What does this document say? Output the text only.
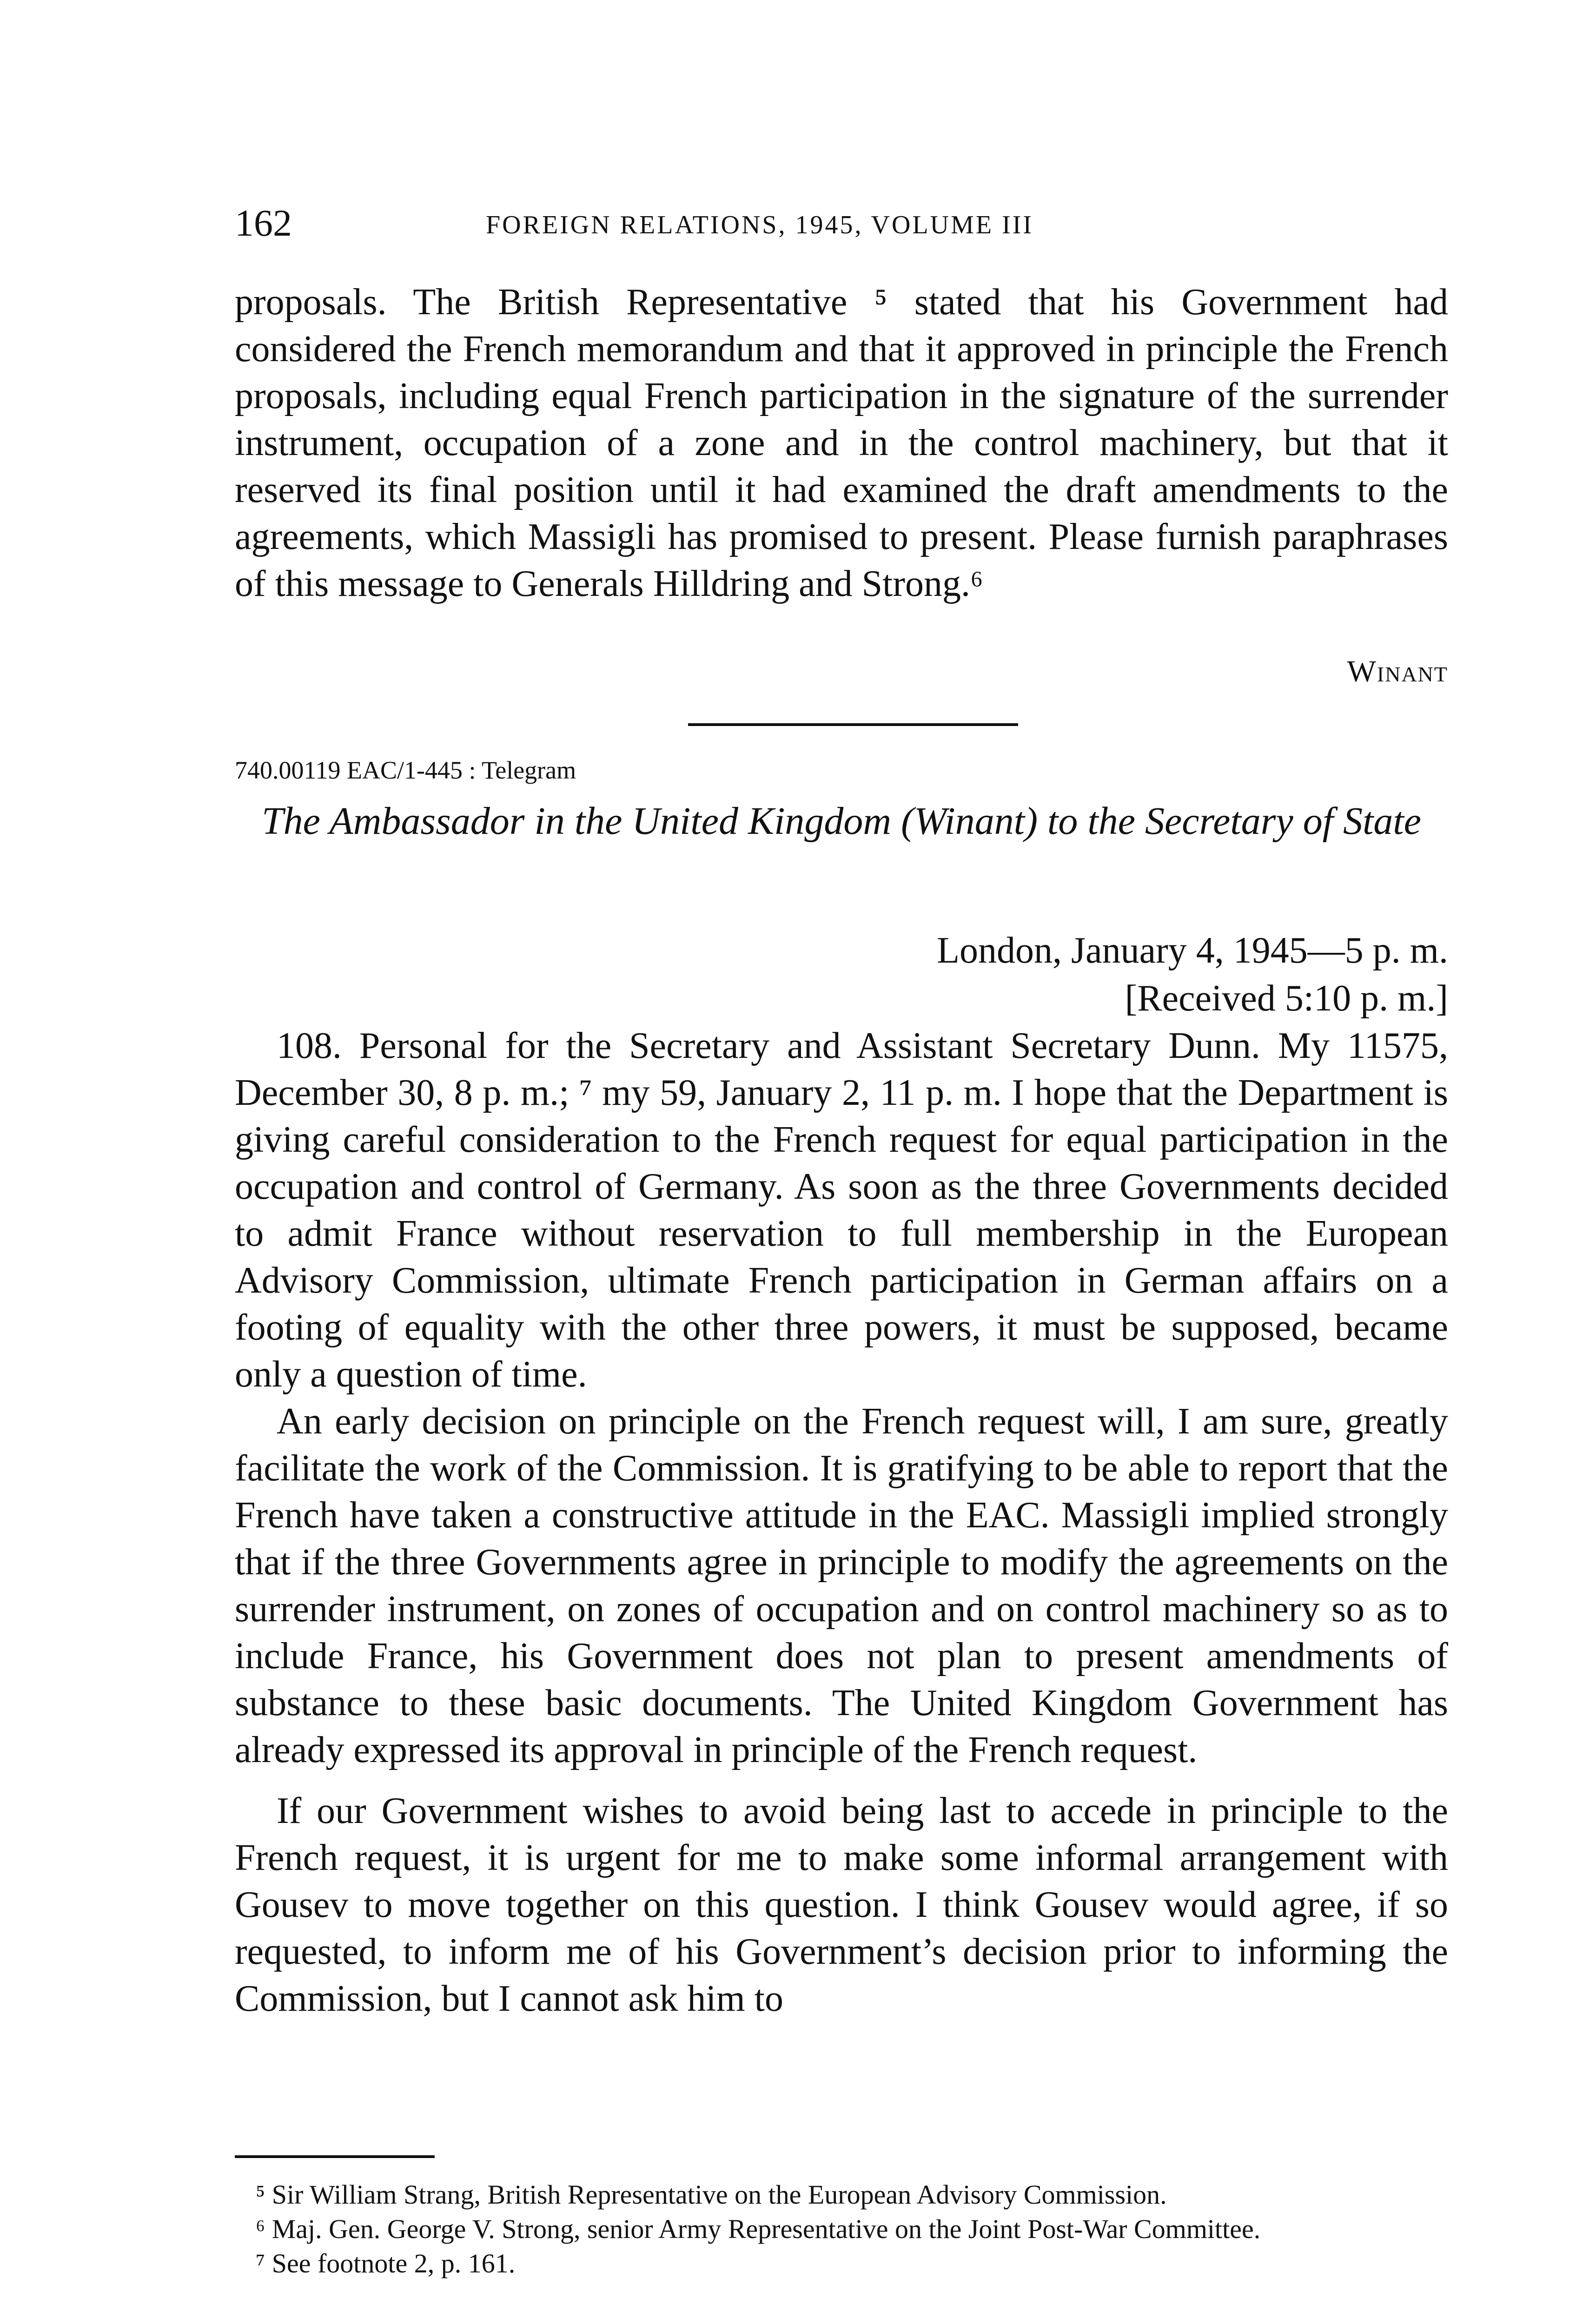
162	FOREIGN RELATIONS, 1945, VOLUME III

proposals. The British Representative ⁵ stated that his Government had considered the French memorandum and that it approved in principle the French proposals, including equal French participation in the signature of the surrender instrument, occupation of a zone and in the control machinery, but that it reserved its final position until it had examined the draft amendments to the agreements, which Massigli has promised to present. Please furnish paraphrases of this message to Generals Hilldring and Strong.⁶

Winant
740.00119 EAC/1-445 : Telegram
The Ambassador in the United Kingdom (Winant) to the Secretary of State
London, January 4, 1945—5 p. m.
[Received 5:10 p. m.]

108. Personal for the Secretary and Assistant Secretary Dunn. My 11575, December 30, 8 p. m.; ⁷ my 59, January 2, 11 p. m. I hope that the Department is giving careful consideration to the French request for equal participation in the occupation and control of Germany. As soon as the three Governments decided to admit France without reservation to full membership in the European Advisory Commission, ultimate French participation in German affairs on a footing of equality with the other three powers, it must be supposed, became only a question of time.

An early decision on principle on the French request will, I am sure, greatly facilitate the work of the Commission. It is gratifying to be able to report that the French have taken a constructive attitude in the EAC. Massigli implied strongly that if the three Governments agree in principle to modify the agreements on the surrender instrument, on zones of occupation and on control machinery so as to include France, his Government does not plan to present amendments of substance to these basic documents. The United Kingdom Government has already expressed its approval in principle of the French request.

If our Government wishes to avoid being last to accede in principle to the French request, it is urgent for me to make some informal arrangement with Gousev to move together on this question. I think Gousev would agree, if so requested, to inform me of his Government’s decision prior to informing the Commission, but I cannot ask him to

⁵ Sir William Strang, British Representative on the European Advisory Commission.

⁶ Maj. Gen. George V. Strong, senior Army Representative on the Joint Post-War Committee.

⁷ See footnote 2, p. 161.
